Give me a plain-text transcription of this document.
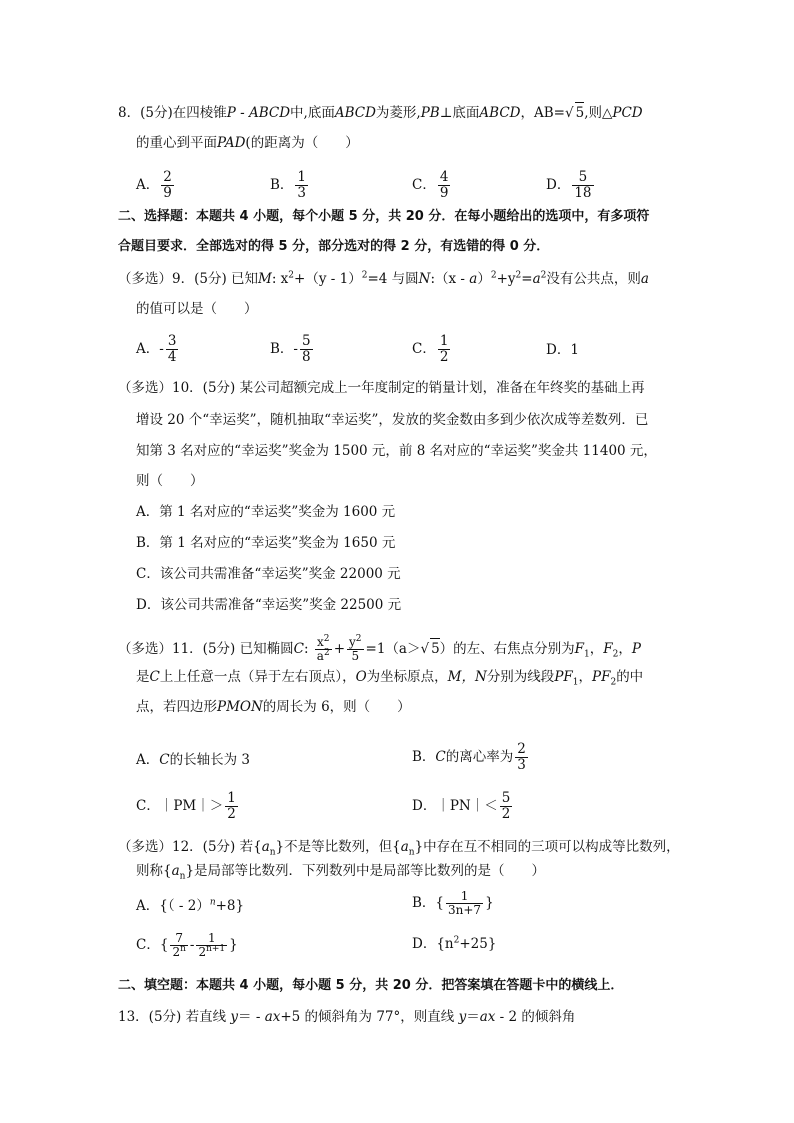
8．(5分)在四棱锥P - ABCD中,底面ABCD为菱形,PB⊥底面ABCD，AB=√ 5,则△PCD
的重心到平面PAD(的距离为（　　）
A． $\frac{2}{9}$	B． $\frac{1}{3}$	C． $\frac{4}{9}$	D． $\frac{5}{18}$
二、选择题：本题共 4 小题，每个小题 5 分，共 20 分．在每小题给出的选项中，有多项符
合题目要求．全部选对的得 5 分，部分选对的得 2 分，有选错的得 0 分．
（多选）9．(5分) 已知M: $x^2+(y - 1)^2=4$ 与圆N:（x - $a)^2+y^2=a^2$没有公共点，则a
的值可以是（　　）
A．- $\frac{3}{4}$	B．- $\frac{5}{8}$	C． $\frac{1}{2}$	D．1
（多选）10．(5分) 某公司超额完成上一年度制定的销量计划，准备在年终奖的基础上再
增设 20 个“幸运奖”，随机抽取“幸运奖”，发放的奖金数由多到少依次成等差数列．已
知第 3 名对应的“幸运奖”奖金为 1500 元，前 8 名对应的“幸运奖”奖金共 11400 元，
则（　　）
A．第 1 名对应的“幸运奖”奖金为 1600 元
B．第 1 名对应的“幸运奖”奖金为 1650 元
C．该公司共需准备“幸运奖”奖金 22000 元
D．该公司共需准备“幸运奖”奖金 22500 元
（多选）11．(5分) 已知椭圆C: $\frac{x^2}{a^2} + \frac{y^2}{5} =1(a>√$ 5）的左、右焦点分别为$F_1$，$F_2$，P
是C上上任意一点（异于左右顶点），O为坐标原点，M，N分别为线段$PF_1$，$PF_2$的中
点，若四边形PMON的周长为 6，则（　　）
A．C的长轴长为 3	B．C的离心率为 $\frac{2}{3}$
C．｜PM｜＞ $\frac{1}{2}$	D．｜PN｜＜ $\frac{5}{2}$
（多选）12．(5分) 若$\{a_n\}$不是等比数列，但$\{a_n\}$中存在互不相同的三项可以构成等比数列，
则称$\{a_n\}$是局部等比数列．下列数列中是局部等比数列的是（　　）
A．{（ - 2）$^n$+8}	B．{ $\frac{1}{3n+7}$ }
C．{ $\frac{7}{2^n} - \frac{1}{2^{n+1}}$ }	D．$\{n^2+25\}$
二、填空题：本题共 4 小题，每小题 5 分，共 20 分．把答案填在答题卡中的横线上．
13．(5分) 若直线 y＝ - ax+5 的倾斜角为 77°，则直线 y＝ax - 2 的倾斜角
